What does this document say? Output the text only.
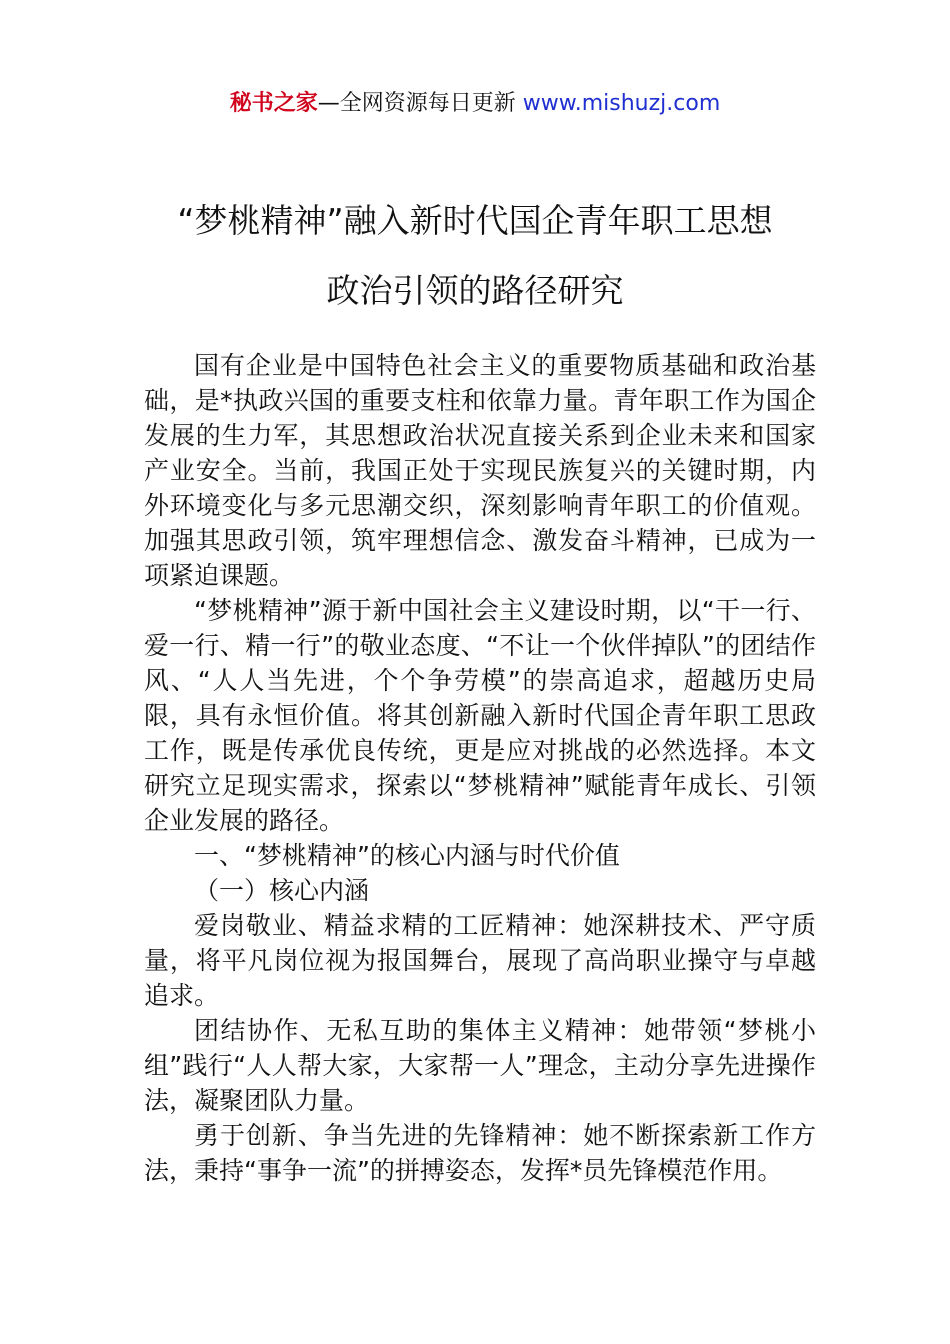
秘书之家—全网资源每日更新 www.mishuzj.com
“梦桃精神”融入新时代国企青年职工思想
政治引领的路径研究

国有企业是中国特色社会主义的重要物质基础和政治基础，是*执政兴国的重要支柱和依靠力量。青年职工作为国企发展的生力军，其思想政治状况直接关系到企业未来和国家产业安全。当前，我国正处于实现民族复兴的关键时期，内外环境变化与多元思潮交织，深刻影响青年职工的价值观。加强其思政引领，筑牢理想信念、激发奋斗精神，已成为一项紧迫课题。

“梦桃精神”源于新中国社会主义建设时期，以“干一行、爱一行、精一行”的敬业态度、“不让一个伙伴掉队”的团结作风、“人人当先进，个个争劳模”的崇高追求，超越历史局限，具有永恒价值。将其创新融入新时代国企青年职工思政工作，既是传承优良传统，更是应对挑战的必然选择。本文研究立足现实需求，探索以“梦桃精神”赋能青年成长、引领企业发展的路径。

一、“梦桃精神”的核心内涵与时代价值

（一）核心内涵

爱岗敬业、精益求精的工匠精神：她深耕技术、严守质量，将平凡岗位视为报国舞台，展现了高尚职业操守与卓越追求。

团结协作、无私互助的集体主义精神：她带领“梦桃小组”践行“人人帮大家，大家帮一人”理念，主动分享先进操作法，凝聚团队力量。

勇于创新、争当先进的先锋精神：她不断探索新工作方法，秉持“事争一流”的拼搏姿态，发挥*员先锋模范作用。
